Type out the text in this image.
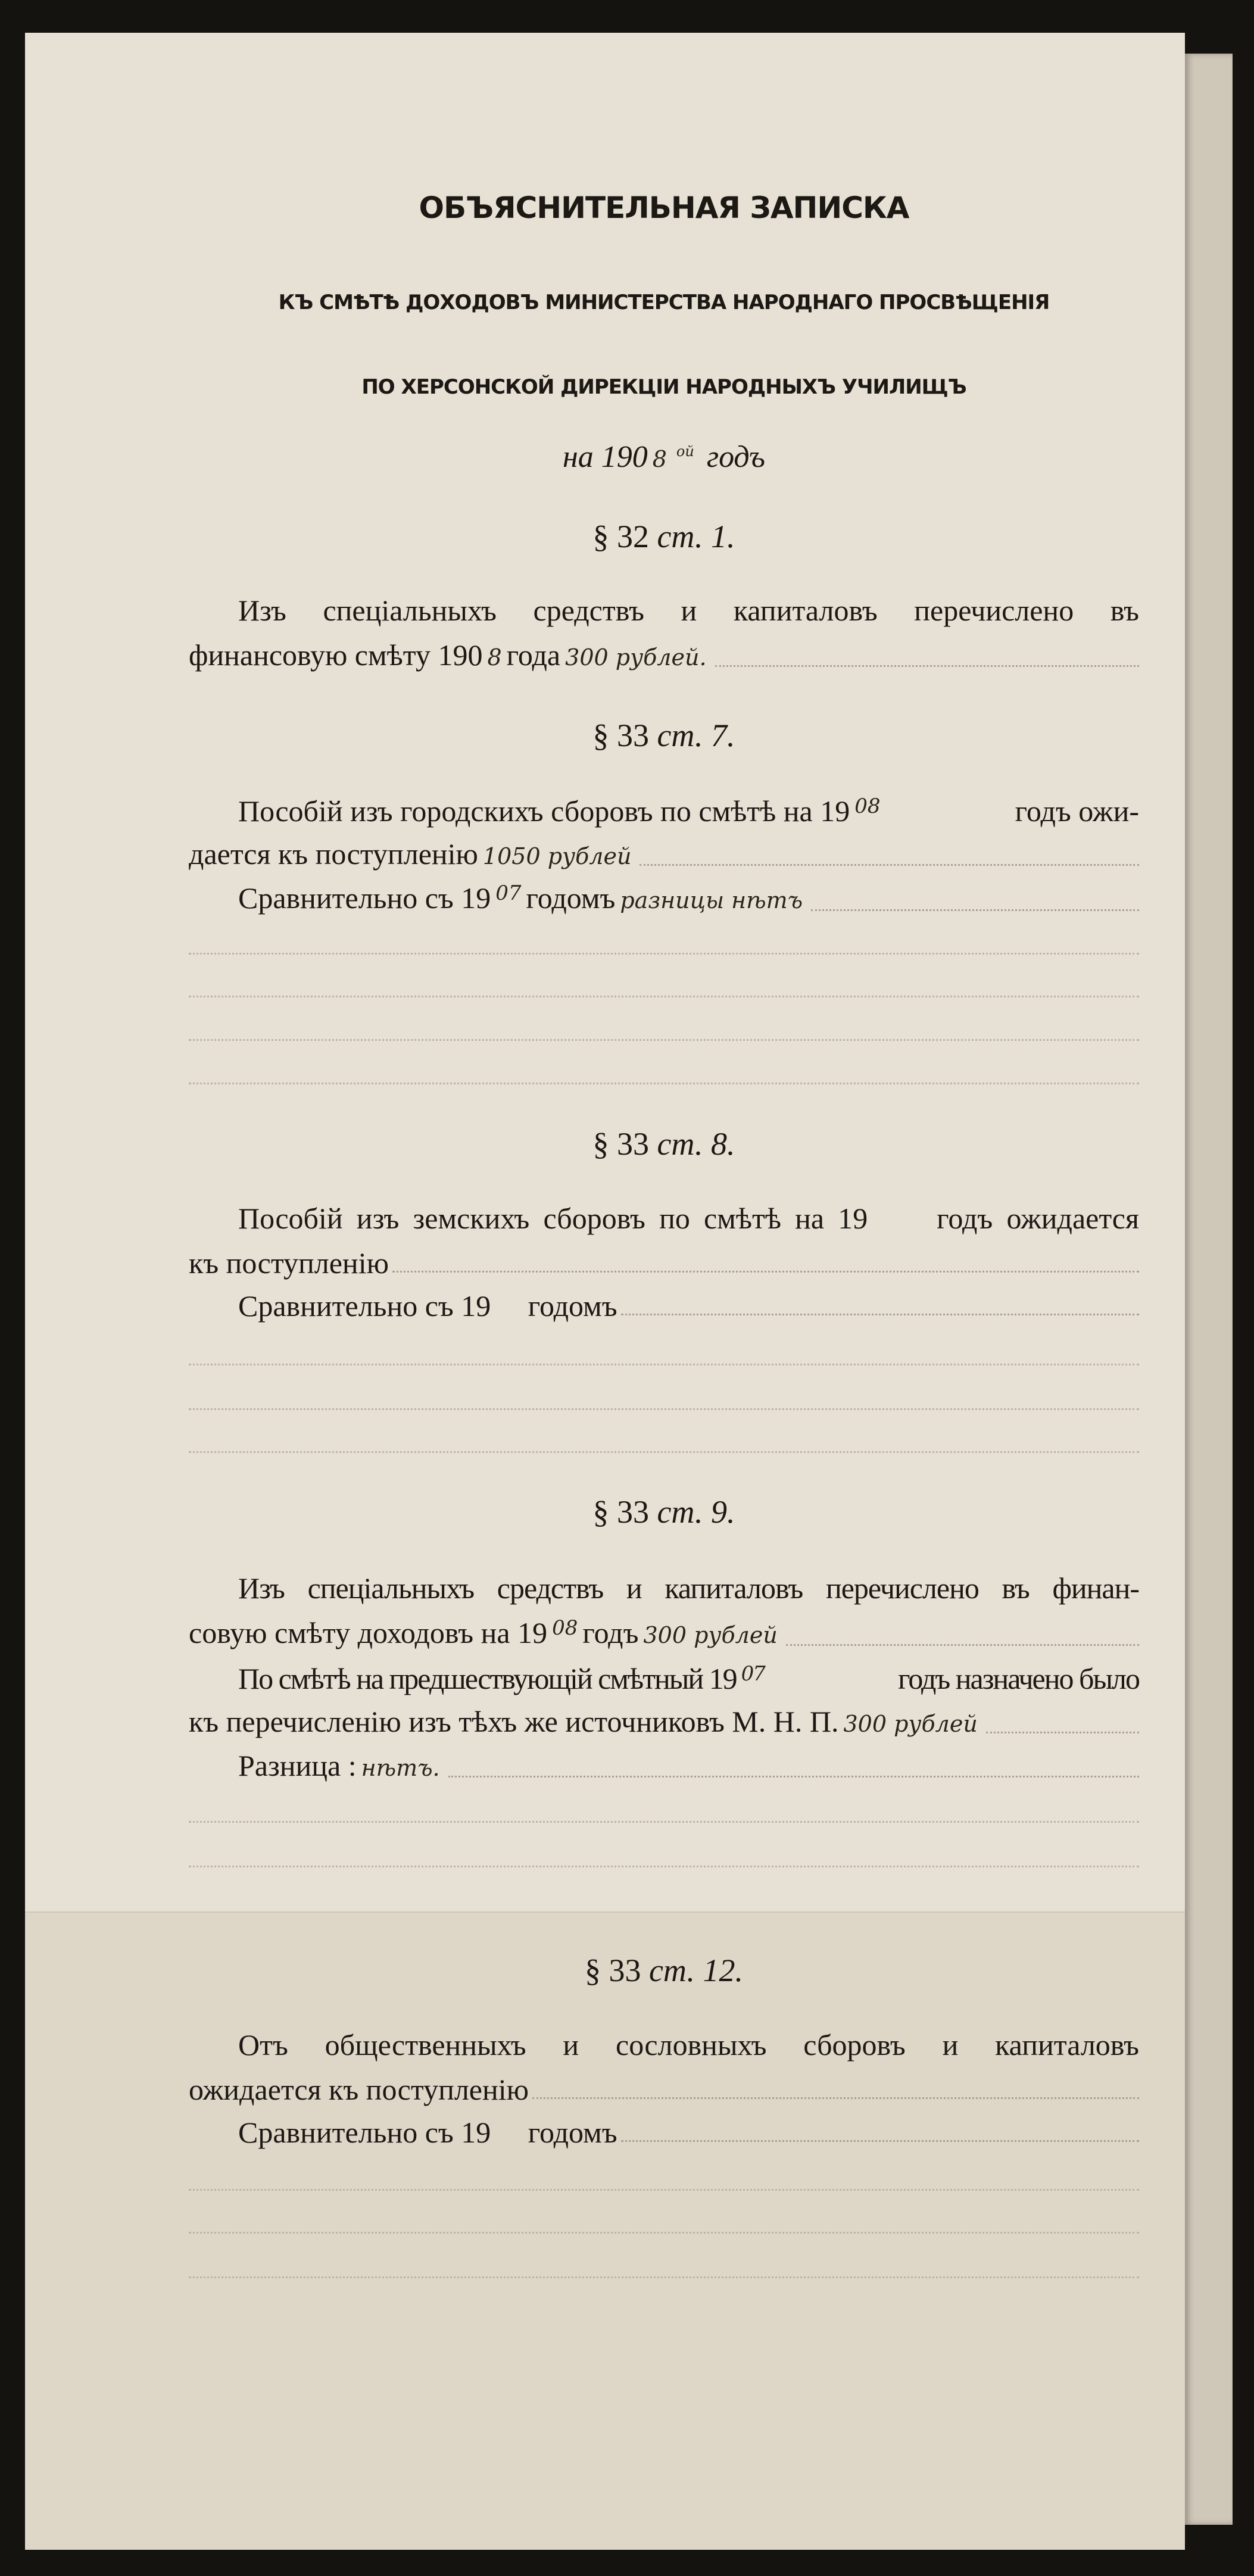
ОБЪЯСНИТЕЛЬНАЯ ЗАПИСКА
КЪ СМѢТѢ ДОХОДОВЪ МИНИСТЕРСТВА НАРОДНАГО ПРОСВѢЩЕНІЯ
ПО ХЕРСОНСКОЙ ДИРЕКЦІИ НАРОДНЫХЪ УЧИЛИЩЪ
на 190 8 $^{ой}$ годъ
§ 32 ст. 1.
Изъ спеціальныхъ средствъ и капиталовъ перечислено въ
финансовую смѣту 190 8 года 300 рублей.
§ 33 ст. 7.
Пособій изъ городскихъ сборовъ по смѣтѣ на 19 $^{08}$	годъ ожи-
дается къ поступленію 1050 рублей
Сравнительно съ 19 07 годомъ разницы нѣтъ
§ 33 ст. 8.
Пособій изъ земскихъ сборовъ по смѣтѣ на 19     годъ ожидается
къ поступленію
Сравнительно съ 19     годомъ
§ 33 ст. 9.
Изъ спеціальныхъ средствъ и капиталовъ перечислено въ финан-
совую смѣту доходовъ на 19 08 годъ 300 рублей
По смѣтѣ на предшествующій смѣтный 19 $^{07}$	годъ назначено было
къ перечисленію изъ тѣхъ же источниковъ М. Н. П. 300 рублей
Разница : нѣтъ.
§ 33 ст. 12.
Отъ общественныхъ и сословныхъ сборовъ и капиталовъ
ожидается къ поступленію
Сравнительно съ 19     годомъ
